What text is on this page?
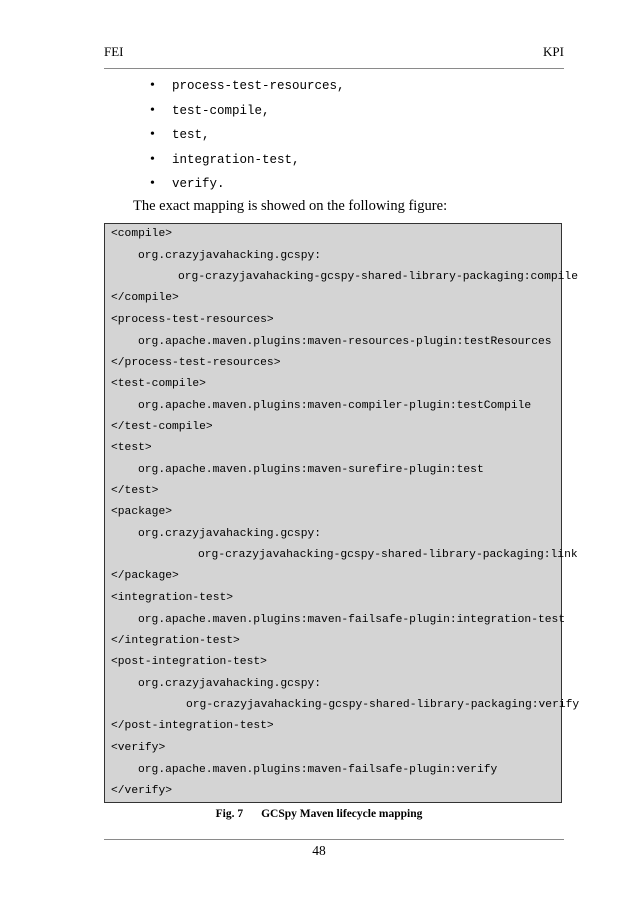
FEI	KPI
• process-test-resources,
• test-compile,
• test,
• integration-test,
• verify.
The exact mapping is showed on the following figure:
<compile>
org.crazyjavahacking.gcspy:
org-crazyjavahacking-gcspy-shared-library-packaging:compile
</compile>
<process-test-resources>
org.apache.maven.plugins:maven-resources-plugin:testResources
</process-test-resources>
<test-compile>
org.apache.maven.plugins:maven-compiler-plugin:testCompile
</test-compile>
<test>
org.apache.maven.plugins:maven-surefire-plugin:test
</test>
<package>
org.crazyjavahacking.gcspy:
org-crazyjavahacking-gcspy-shared-library-packaging:link
</package>
<integration-test>
org.apache.maven.plugins:maven-failsafe-plugin:integration-test
</integration-test>
<post-integration-test>
org.crazyjavahacking.gcspy:
org-crazyjavahacking-gcspy-shared-library-packaging:verify
</post-integration-test>
<verify>
org.apache.maven.plugins:maven-failsafe-plugin:verify
</verify>
Fig. 7 GCSpy Maven lifecycle mapping
48
